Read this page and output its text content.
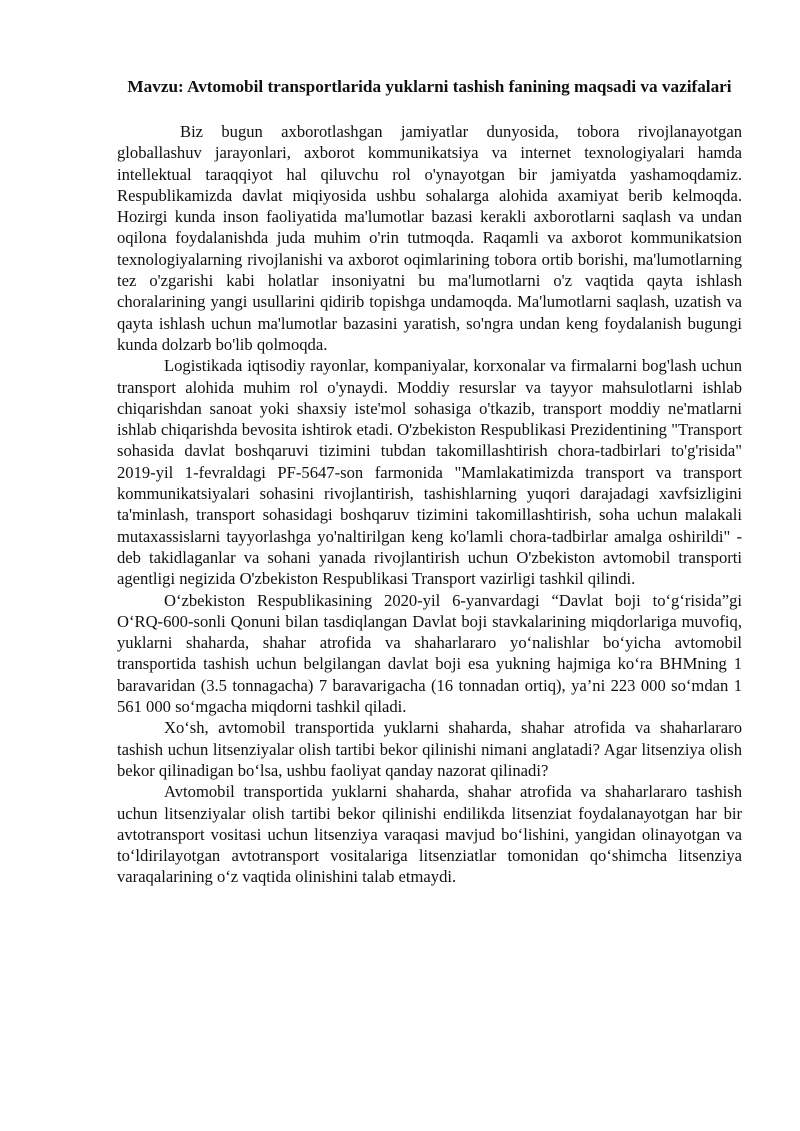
Mavzu: Avtomobil transportlarida yuklarni tashish fanining maqsadi va vazifalari

Biz bugun axborotlashgan jamiyatlar dunyosida, tobora rivojlanayotgan globallashuv jarayonlari, axborot kommunikatsiya va internet texnologiyalari hamda intellektual taraqqiyot hal qiluvchu rol o'ynayotgan bir jamiyatda yashamoqdamiz. Respublikamizda davlat miqiyosida ushbu sohalarga alohida axamiyat berib kelmoqda. Hozirgi kunda inson faoliyatida ma'lumotlar bazasi kerakli axborotlarni saqlash va undan oqilona foydalanishda juda muhim o'rin tutmoqda. Raqamli va axborot kommunikatsion texnologiyalarning rivojlanishi va axborot oqimlarining tobora ortib borishi, ma'lumotlarning tez o'zgarishi kabi holatlar insoniyatni bu ma'lumotlarni o'z vaqtida qayta ishlash choralarining yangi usullarini qidirib topishga undamoqda. Ma'lumotlarni saqlash, uzatish va qayta ishlash uchun ma'lumotlar bazasini yaratish, so'ngra undan keng foydalanish bugungi kunda dolzarb bo'lib qolmoqda.

Logistikada iqtisodiy rayonlar, kompaniyalar, korxonalar va firmalarni bog'lash uchun transport alohida muhim rol o'ynaydi. Moddiy resurslar va tayyor mahsulotlarni ishlab chiqarishdan sanoat yoki shaxsiy iste'mol sohasiga o'tkazib, transport moddiy ne'matlarni ishlab chiqarishda bevosita ishtirok etadi. O'zbekiston Respublikasi Prezidentining "Transport sohasida davlat boshqaruvi tizimini tubdan takomillashtirish chora-tadbirlari to'g'risida" 2019-yil 1-fevraldagi PF-5647-son farmonida "Mamlakatimizda transport va transport kommunikatsiyalari sohasini rivojlantirish, tashishlarning yuqori darajadagi xavfsizligini ta'minlash, transport sohasidagi boshqaruv tizimini takomillashtirish, soha uchun malakali mutaxassislarni tayyorlashga yo'naltirilgan keng ko'lamli chora-tadbirlar amalga oshirildi" - deb takidlaganlar va sohani yanada rivojlantirish uchun O'zbekiston avtomobil transporti agentligi negizida O'zbekiston Respublikasi Transport vazirligi tashkil qilindi.

O‘zbekiston Respublikasining 2020-yil 6-yanvardagi “Davlat boji to‘g‘risida”gi O‘RQ-600-sonli Qonuni bilan tasdiqlangan Davlat boji stavkalarining miqdorlariga muvofiq, yuklarni shaharda, shahar atrofida va shaharlararo yo‘nalishlar bo‘yicha avtomobil transportida tashish uchun belgilangan davlat boji esa yukning hajmiga ko‘ra BHMning 1 baravaridan (3.5 tonnagacha) 7 baravarigacha (16 tonnadan ortiq), ya’ni 223 000 so‘mdan 1 561 000 so‘mgacha miqdorni tashkil qiladi.

Xo‘sh, avtomobil transportida yuklarni shaharda, shahar atrofida va shaharlararo tashish uchun litsenziyalar olish tartibi bekor qilinishi nimani anglatadi? Agar litsenziya olish bekor qilinadigan bo‘lsa, ushbu faoliyat qanday nazorat qilinadi?

Avtomobil transportida yuklarni shaharda, shahar atrofida va shaharlararo tashish uchun litsenziyalar olish tartibi bekor qilinishi endilikda litsenziat foydalanayotgan har bir avtotransport vositasi uchun litsenziya varaqasi mavjud bo‘lishini, yangidan olinayotgan va to‘ldirilayotgan avtotransport vositalariga litsenziatlar tomonidan qo‘shimcha litsenziya varaqalarining o‘z vaqtida olinishini talab etmaydi.
